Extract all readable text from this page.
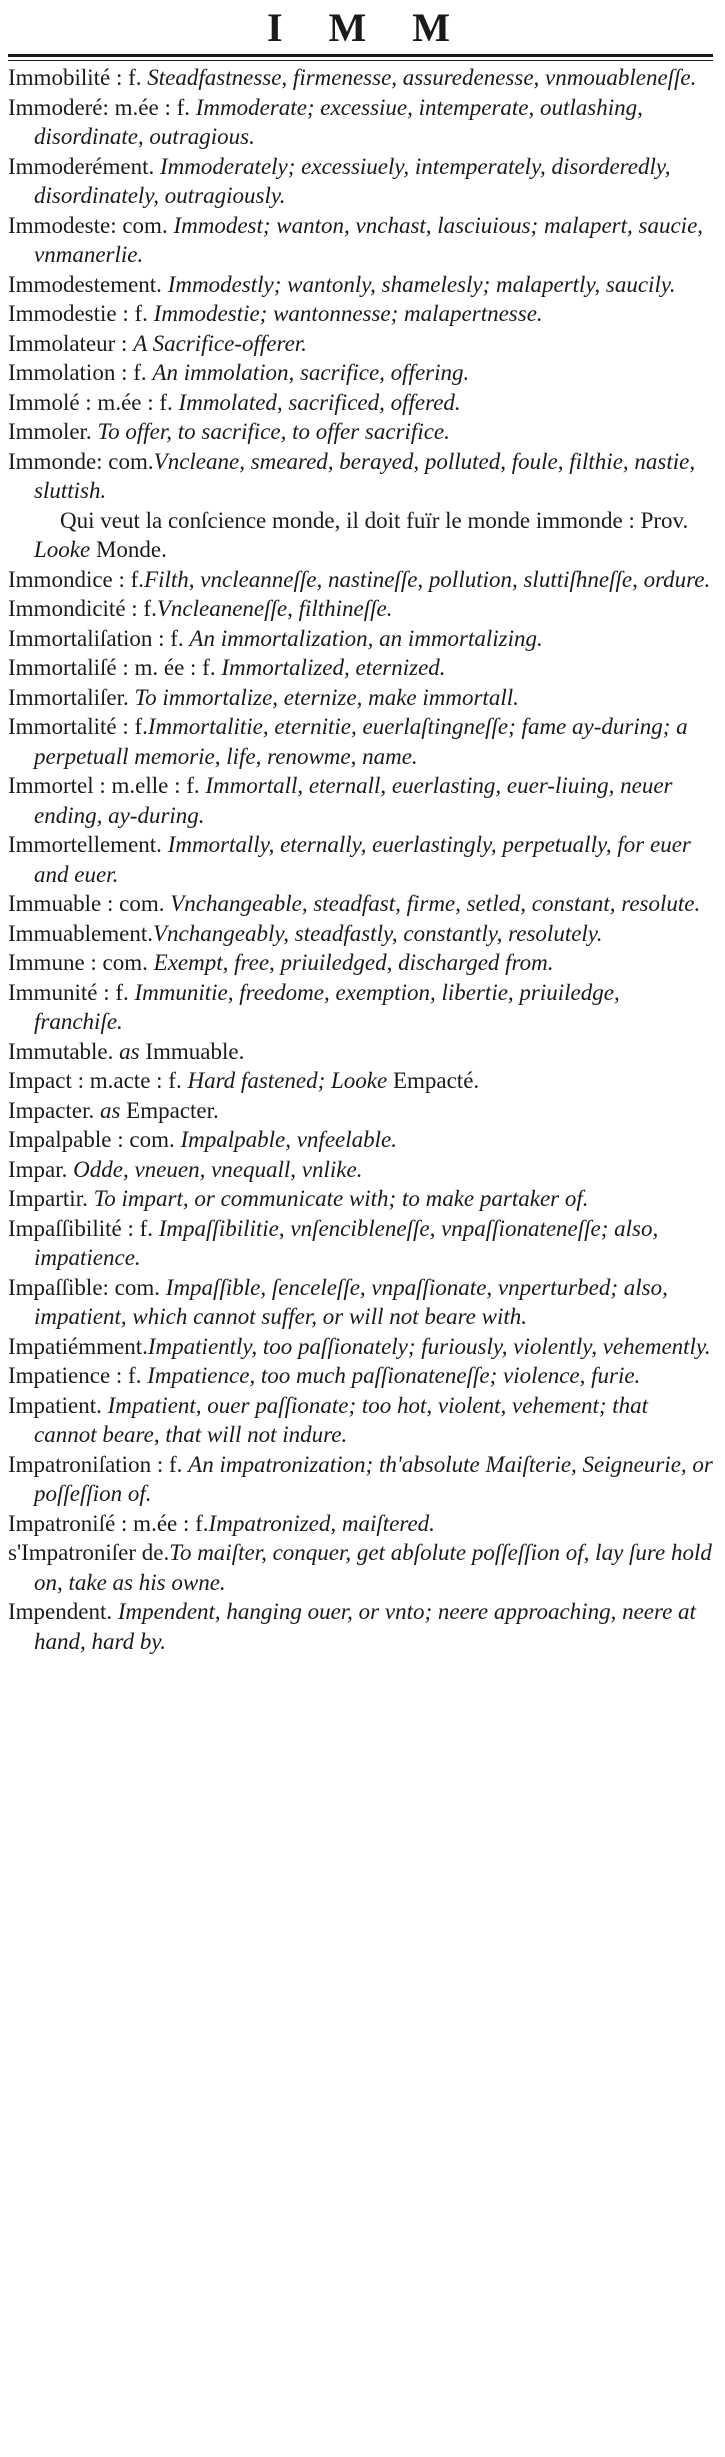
I M M

Immobilité : f. Steadfastnesse, firmenesse, assuredenesse, vnmouableneſſe.

Immoderé: m.ée : f. Immoderate; excessiue, intemperate, outlashing, disordinate, outragious.

Immoderément. Immoderately; excessiuely, intemperately, disorderedly, disordinately, outragiously.

Immodeste: com. Immodest; wanton, vnchast, lasciuious; malapert, saucie, vnmanerlie.

Immodestement. Immodestly; wantonly, shamelesly; malapertly, saucily.

Immodestie : f. Immodestie; wantonnesse; malapertnesse.

Immolateur : A Sacrifice-offerer.

Immolation : f. An immolation, sacrifice, offering.

Immolé : m.ée : f. Immolated, sacrificed, offered.

Immoler. To offer, to sacrifice, to offer sacrifice.

Immonde: com.Vncleane, smeared, berayed, polluted, foule, filthie, nastie, sluttish.

Qui veut la conſcience monde, il doit fuïr le monde immonde : Prov. Looke Monde.

Immondice : f.Filth, vncleanneſſe, nastineſſe, pollution, sluttiſhneſſe, ordure.

Immondicité : f.Vncleaneneſſe, filthineſſe.

Immortaliſation : f. An immortalization, an immortalizing.

Immortaliſé : m. ée : f. Immortalized, eternized.

Immortaliſer. To immortalize, eternize, make immortall.

Immortalité : f.Immortalitie, eternitie, euerlaſtingneſſe; fame ay-during; a perpetuall memorie, life, renowme, name.

Immortel : m.elle : f. Immortall, eternall, euerlasting, euer-liuing, neuer ending, ay-during.

Immortellement. Immortally, eternally, euerlastingly, perpetually, for euer and euer.

Immuable : com. Vnchangeable, steadfast, firme, setled, constant, resolute.

Immuablement.Vnchangeably, steadfastly, constantly, resolutely.

Immune : com. Exempt, free, priuiledged, discharged from.

Immunité : f. Immunitie, freedome, exemption, libertie, priuiledge, franchiſe.

Immutable. as Immuable.

Impact : m.acte : f. Hard fastened; Looke Empacté.

Impacter. as Empacter.

Impalpable : com. Impalpable, vnfeelable.

Impar. Odde, vneuen, vnequall, vnlike.

Impartir. To impart, or communicate with; to make partaker of.

Impaſſibilité : f. Impaſſibilitie, vnſencibleneſſe, vnpaſſionateneſſe; also, impatience.

Impaſſible: com. Impaſſible, ſenceleſſe, vnpaſſionate, vnperturbed; also, impatient, which cannot suffer, or will not beare with.

Impatiémment.Impatiently, too paſſionately; furiously, violently, vehemently.

Impatience : f. Impatience, too much paſſionateneſſe; violence, furie.

Impatient. Impatient, ouer paſſionate; too hot, violent, vehement; that cannot beare, that will not indure.

Impatroniſation : f. An impatronization; th'absolute Maiſterie, Seigneurie, or poſſeſſion of.

Impatroniſé : m.ée : f.Impatronized, maiſtered.

s'Impatroniſer de.To maiſter, conquer, get abſolute poſſeſſion of, lay ſure hold on, take as his owne.

Impendent. Impendent, hanging ouer, or vnto; neere approaching, neere at hand, hard by.
